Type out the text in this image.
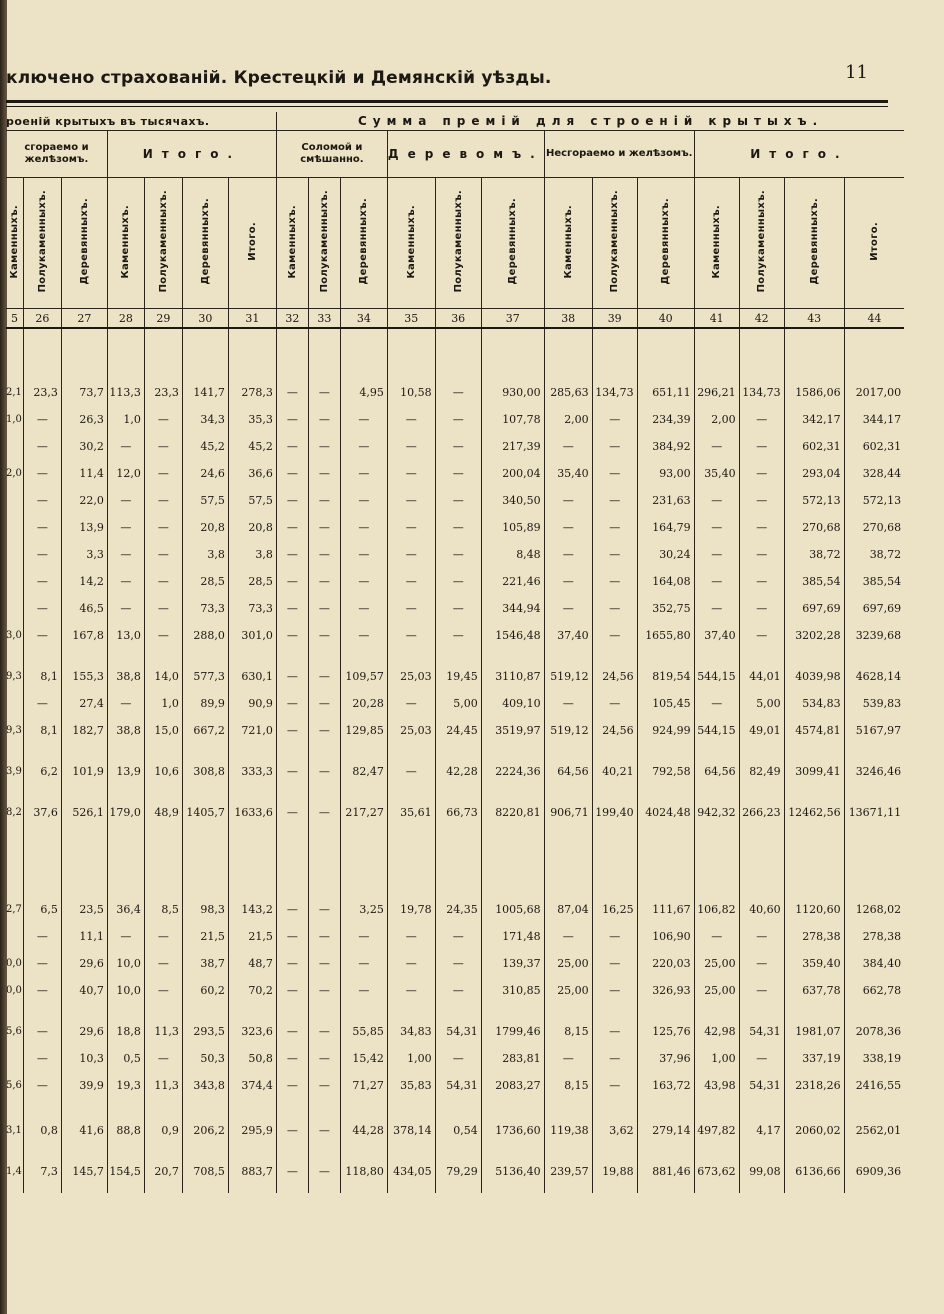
ключено страхованій. Крестецкій и Демянскій уѣзды.	11
роеній крытыхъ въ тысячахъ.							Сумма премій для строеній крытыхъ.												
сгораемо и желѣзомъ.			Итого.				Соломой и смѣшанно.			Деревомъ.			Несгораемо и желѣзомъ.			Итого.			
Каменныхъ.	Полукаменныхъ.	Деревянныхъ.	Каменныхъ.	Полукаменныхъ.	Деревянныхъ.	Итого.	Каменныхъ.	Полукаменныхъ.	Деревянныхъ.	Каменныхъ.	Полукаменныхъ.	Деревянныхъ.	Каменныхъ.	Полукаменныхъ.	Деревянныхъ.	Каменныхъ.	Полукаменныхъ.	Деревянныхъ.	Итого.
5	26	27	28	29	30	31	32	33	34	35	36	37	38	39	40	41	42	43	44

2,1	23,3	73,7	113,3	23,3	141,7	278,3	—	—	4,95	10,58	—	930,00	285,63	134,73	651,11	296,21	134,73	1586,06	2017,00
1,0	—	26,3	1,0	—	34,3	35,3	—	—	—	—	—	107,78	2,00	—	234,39	2,00	—	342,17	344,17
	—	30,2	—	—	45,2	45,2	—	—	—	—	—	217,39	—	—	384,92	—	—	602,31	602,31
2,0	—	11,4	12,0	—	24,6	36,6	—	—	—	—	—	200,04	35,40	—	93,00	35,40	—	293,04	328,44
	—	22,0	—	—	57,5	57,5	—	—	—	—	—	340,50	—	—	231,63	—	—	572,13	572,13
	—	13,9	—	—	20,8	20,8	—	—	—	—	—	105,89	—	—	164,79	—	—	270,68	270,68
	—	3,3	—	—	3,8	3,8	—	—	—	—	—	8,48	—	—	30,24	—	—	38,72	38,72
	—	14,2	—	—	28,5	28,5	—	—	—	—	—	221,46	—	—	164,08	—	—	385,54	385,54
	—	46,5	—	—	73,3	73,3	—	—	—	—	—	344,94	—	—	352,75	—	—	697,69	697,69
3,0	—	167,8	13,0	—	288,0	301,0	—	—	—	—	—	1546,48	37,40	—	1655,80	37,40	—	3202,28	3239,68

9,3	8,1	155,3	38,8	14,0	577,3	630,1	—	—	109,57	25,03	19,45	3110,87	519,12	24,56	819,54	544,15	44,01	4039,98	4628,14
	—	27,4	—	1,0	89,9	90,9	—	—	20,28	—	5,00	409,10	—	—	105,45	—	5,00	534,83	539,83
9,3	8,1	182,7	38,8	15,0	667,2	721,0	—	—	129,85	25,03	24,45	3519,97	519,12	24,56	924,99	544,15	49,01	4574,81	5167,97

3,9	6,2	101,9	13,9	10,6	308,8	333,3	—	—	82,47	—	42,28	2224,36	64,56	40,21	792,58	64,56	82,49	3099,41	3246,46

8,2	37,6	526,1	179,0	48,9	1405,7	1633,6	—	—	217,27	35,61	66,73	8220,81	906,71	199,40	4024,48	942,32	266,23	12462,56	13671,11

2,7	6,5	23,5	36,4	8,5	98,3	143,2	—	—	3,25	19,78	24,35	1005,68	87,04	16,25	111,67	106,82	40,60	1120,60	1268,02
	—	11,1	—	—	21,5	21,5	—	—	—	—	—	171,48	—	—	106,90	—	—	278,38	278,38
0,0	—	29,6	10,0	—	38,7	48,7	—	—	—	—	—	139,37	25,00	—	220,03	25,00	—	359,40	384,40
0,0	—	40,7	10,0	—	60,2	70,2	—	—	—	—	—	310,85	25,00	—	326,93	25,00	—	637,78	662,78

5,6	—	29,6	18,8	11,3	293,5	323,6	—	—	55,85	34,83	54,31	1799,46	8,15	—	125,76	42,98	54,31	1981,07	2078,36
	—	10,3	0,5	—	50,3	50,8	—	—	15,42	1,00	—	283,81	—	—	37,96	1,00	—	337,19	338,19
5,6	—	39,9	19,3	11,3	343,8	374,4	—	—	71,27	35,83	54,31	2083,27	8,15	—	163,72	43,98	54,31	2318,26	2416,55

3,1	0,8	41,6	88,8	0,9	206,2	295,9	—	—	44,28	378,14	0,54	1736,60	119,38	3,62	279,14	497,82	4,17	2060,02	2562,01

1,4	7,3	145,7	154,5	20,7	708,5	883,7	—	—	118,80	434,05	79,29	5136,40	239,57	19,88	881,46	673,62	99,08	6136,66	6909,36
